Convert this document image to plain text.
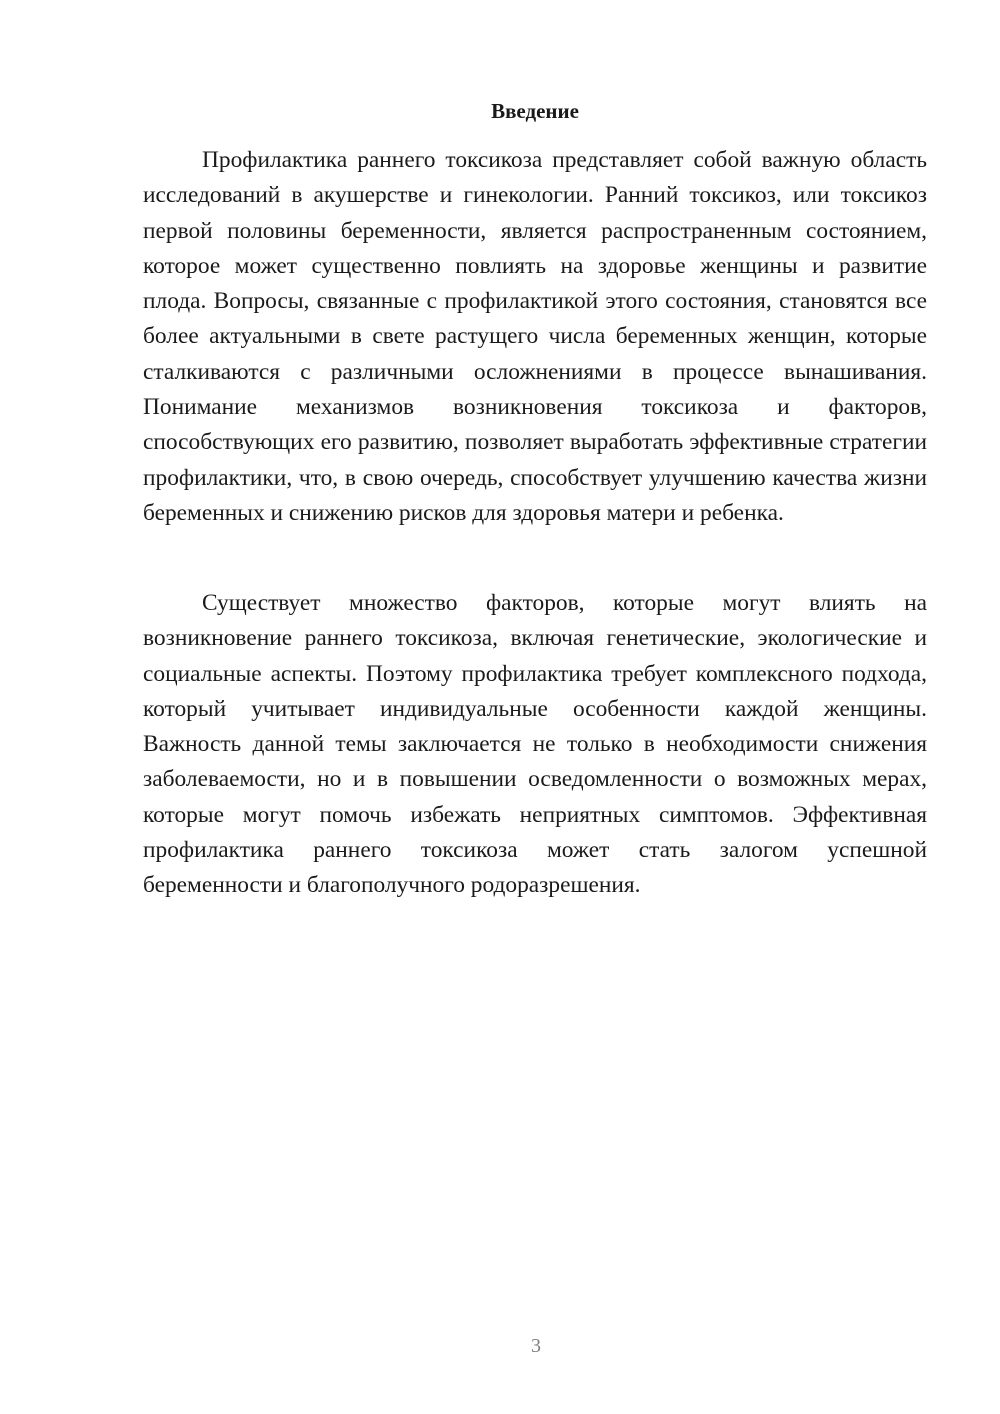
Введение

Профилактика раннего токсикоза представляет собой важную область исследований в акушерстве и гинекологии. Ранний токсикоз, или токсикоз первой половины беременности, является распространенным состоянием, которое может существенно повлиять на здоровье женщины и развитие плода. Вопросы, связанные с профилактикой этого состояния, становятся все более актуальными в свете растущего числа беременных женщин, которые сталкиваются с различными осложнениями в процессе вынашивания. Понимание механизмов возникновения токсикоза и факторов, способствующих его развитию, позволяет выработать эффективные стратегии профилактики, что, в свою очередь, способствует улучшению качества жизни беременных и снижению рисков для здоровья матери и ребенка.

Существует множество факторов, которые могут влиять на возникновение раннего токсикоза, включая генетические, экологические и социальные аспекты. Поэтому профилактика требует комплексного подхода, который учитывает индивидуальные особенности каждой женщины. Важность данной темы заключается не только в необходимости снижения заболеваемости, но и в повышении осведомленности о возможных мерах, которые могут помочь избежать неприятных симптомов. Эффективная профилактика раннего токсикоза может стать залогом успешной беременности и благополучного родоразрешения.

3
